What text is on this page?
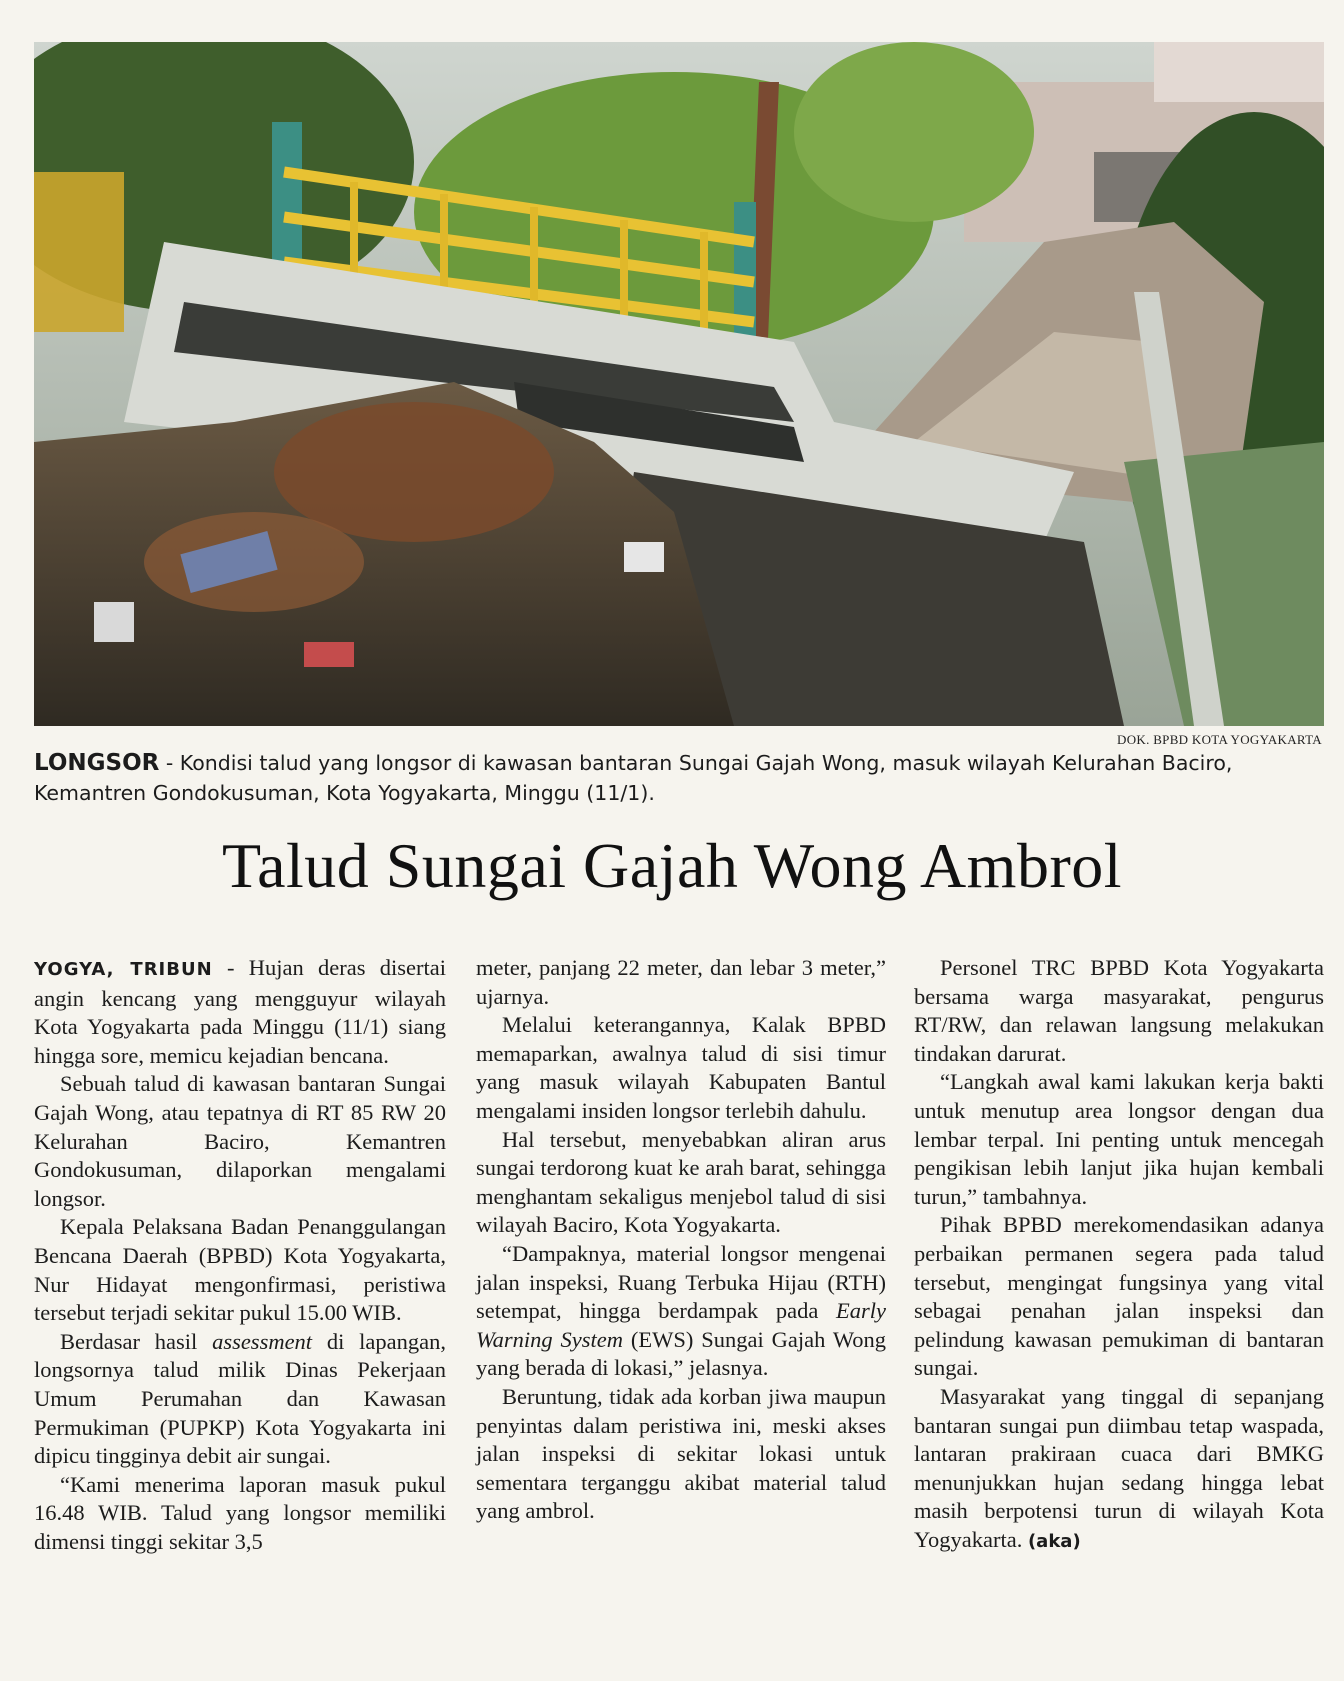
DOK. BPBD KOTA YOGYAKARTA
LONGSOR - Kondisi talud yang longsor di kawasan bantaran Sungai Gajah Wong, masuk wilayah Kelurahan Baciro, Kemantren Gondokusuman, Kota Yogyakarta, Minggu (11/1).
Talud Sungai Gajah Wong Ambrol

YOGYA, TRIBUN - Hujan deras disertai angin kencang yang mengguyur wilayah Kota Yogyakarta pada Minggu (11/1) siang hingga sore, memicu kejadian bencana.

Sebuah talud di kawasan bantaran Sungai Gajah Wong, atau tepatnya di RT 85 RW 20 Kelurahan Baciro, Kemantren Gondokusuman, dilaporkan mengalami longsor.

Kepala Pelaksana Badan Penanggulangan Bencana Daerah (BPBD) Kota Yogyakarta, Nur Hidayat mengonfirmasi, peristiwa tersebut terjadi sekitar pukul 15.00 WIB.

Berdasar hasil assessment di lapangan, longsornya talud milik Dinas Pekerjaan Umum Perumahan dan Kawasan Permukiman (PUPKP) Kota Yogyakarta ini dipicu tingginya debit air sungai.

“Kami menerima laporan masuk pukul 16.48 WIB. Talud yang longsor memiliki dimensi tinggi sekitar 3,5

meter, panjang 22 meter, dan lebar 3 meter,” ujarnya.

Melalui keterangannya, Kalak BPBD memaparkan, awalnya talud di sisi timur yang masuk wilayah Kabupaten Bantul mengalami insiden longsor terlebih dahulu.

Hal tersebut, menyebabkan aliran arus sungai terdorong kuat ke arah barat, sehingga menghantam sekaligus menjebol talud di sisi wilayah Baciro, Kota Yogyakarta.

“Dampaknya, material longsor mengenai jalan inspeksi, Ruang Terbuka Hijau (RTH) setempat, hingga berdampak pada Early Warning System (EWS) Sungai Gajah Wong yang berada di lokasi,” jelasnya.

Beruntung, tidak ada korban jiwa maupun penyintas dalam peristiwa ini, meski akses jalan inspeksi di sekitar lokasi untuk sementara terganggu akibat material talud yang ambrol.

Personel TRC BPBD Kota Yogyakarta bersama warga masyarakat, pengurus RT/RW, dan relawan langsung melakukan tindakan darurat.

“Langkah awal kami lakukan kerja bakti untuk menutup area longsor dengan dua lembar terpal. Ini penting untuk mencegah pengikisan lebih lanjut jika hujan kembali turun,” tambahnya.

Pihak BPBD merekomendasikan adanya perbaikan permanen segera pada talud tersebut, mengingat fungsinya yang vital sebagai penahan jalan inspeksi dan pelindung kawasan pemukiman di bantaran sungai.

Masyarakat yang tinggal di sepanjang bantaran sungai pun diimbau tetap waspada, lantaran prakiraan cuaca dari BMKG menunjukkan hujan sedang hingga lebat masih berpotensi turun di wilayah Kota Yogyakarta. (aka)
